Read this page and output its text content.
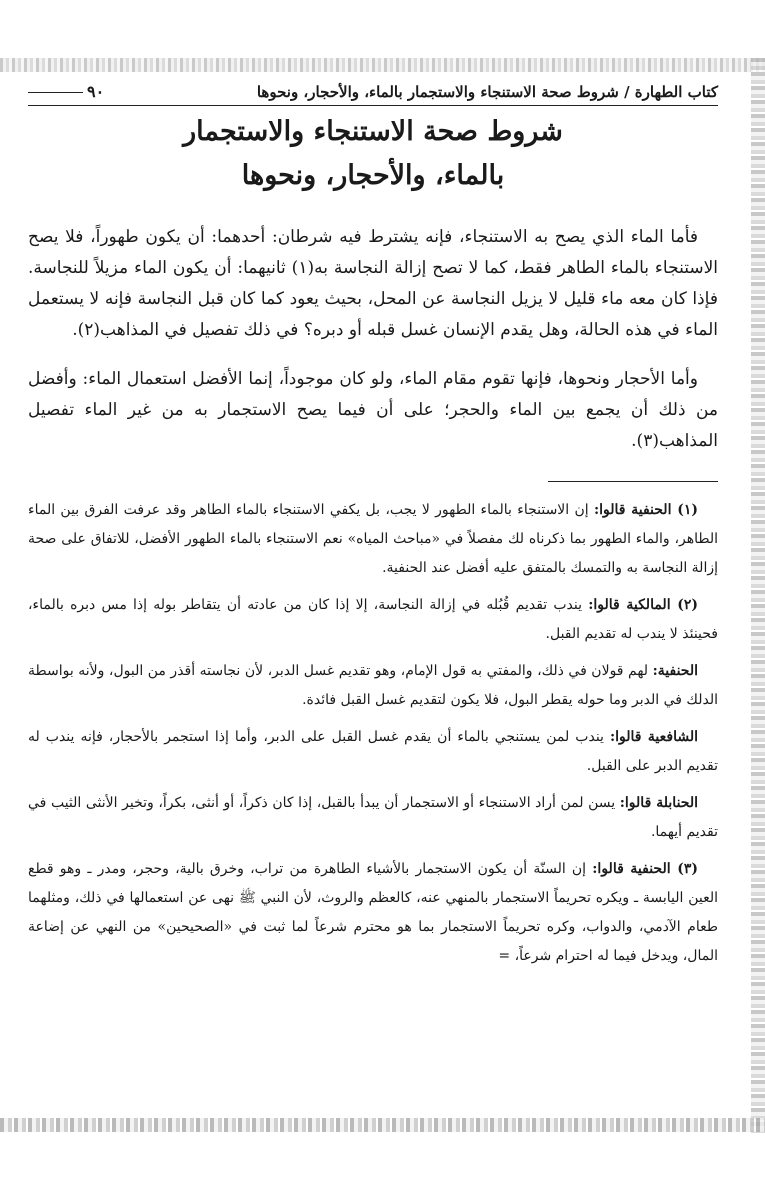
كتاب الطهارة / شروط صحة الاستنجاء والاستجمار بالماء، والأحجار، ونحوها
٩٠
شروط صحة الاستنجاء والاستجمار
بالماء، والأحجار، ونحوها

فأما الماء الذي يصح به الاستنجاء، فإنه يشترط فيه شرطان: أحدهما: أن يكون طهوراً، فلا يصح الاستنجاء بالماء الطاهر فقط، كما لا تصح إزالة النجاسة به(١) ثانيهما: أن يكون الماء مزيلاً للنجاسة. فإذا كان معه ماء قليل لا يزيل النجاسة عن المحل، بحيث يعود كما كان قبل النجاسة فإنه لا يستعمل الماء في هذه الحالة، وهل يقدم الإنسان غسل قبله أو دبره؟ في ذلك تفصيل في المذاهب(٢).

وأما الأحجار ونحوها، فإنها تقوم مقام الماء، ولو كان موجوداً، إنما الأفضل استعمال الماء: وأفضل من ذلك أن يجمع بين الماء والحجر؛ على أن فيما يصح الاستجمار به من غير الماء تفصيل المذاهب(٣).

(١) الحنفية قالوا: إن الاستنجاء بالماء الطهور لا يجب، بل يكفي الاستنجاء بالماء الطاهر وقد عرفت الفرق بين الماء الطاهر، والماء الطهور بما ذكرناه لك مفصلاً في «مباحث المياه» نعم الاستنجاء بالماء الطهور الأفضل، للاتفاق على صحة إزالة النجاسة به والتمسك بالمتفق عليه أفضل عند الحنفية.

(٢) المالكية قالوا: يندب تقديم قُبُله في إزالة النجاسة، إلا إذا كان من عادته أن يتقاطر بوله إذا مس دبره بالماء، فحينئذ لا يندب له تقديم القبل.

الحنفية: لهم قولان في ذلك، والمفتي به قول الإمام، وهو تقديم غسل الدبر، لأن نجاسته أقذر من البول، ولأنه بواسطة الدلك في الدبر وما حوله يقطر البول، فلا يكون لتقديم غسل القبل فائدة.

الشافعية قالوا: يندب لمن يستنجي بالماء أن يقدم غسل القبل على الدبر، وأما إذا استجمر بالأحجار، فإنه يندب له تقديم الدبر على القبل.

الحنابلة قالوا: يسن لمن أراد الاستنجاء أو الاستجمار أن يبدأ بالقبل، إذا كان ذكراً، أو أنثى، بكراً، وتخير الأنثى الثيب في تقديم أيهما.

(٣) الحنفية قالوا: إن السنّة أن يكون الاستجمار بالأشياء الطاهرة من تراب، وخرق بالية، وحجر، ومدر ـ وهو قطع العين اليابسة ـ ويكره تحريماً الاستجمار بالمنهي عنه، كالعظم والروث، لأن النبي ﷺ نهى عن استعمالها في ذلك، ومثلهما طعام الآدمي، والدواب، وكره تحريماً الاستجمار بما هو محترم شرعاً لما ثبت في «الصحيحين» من النهي عن إضاعة المال، ويدخل فيما له احترام شرعاً، =
